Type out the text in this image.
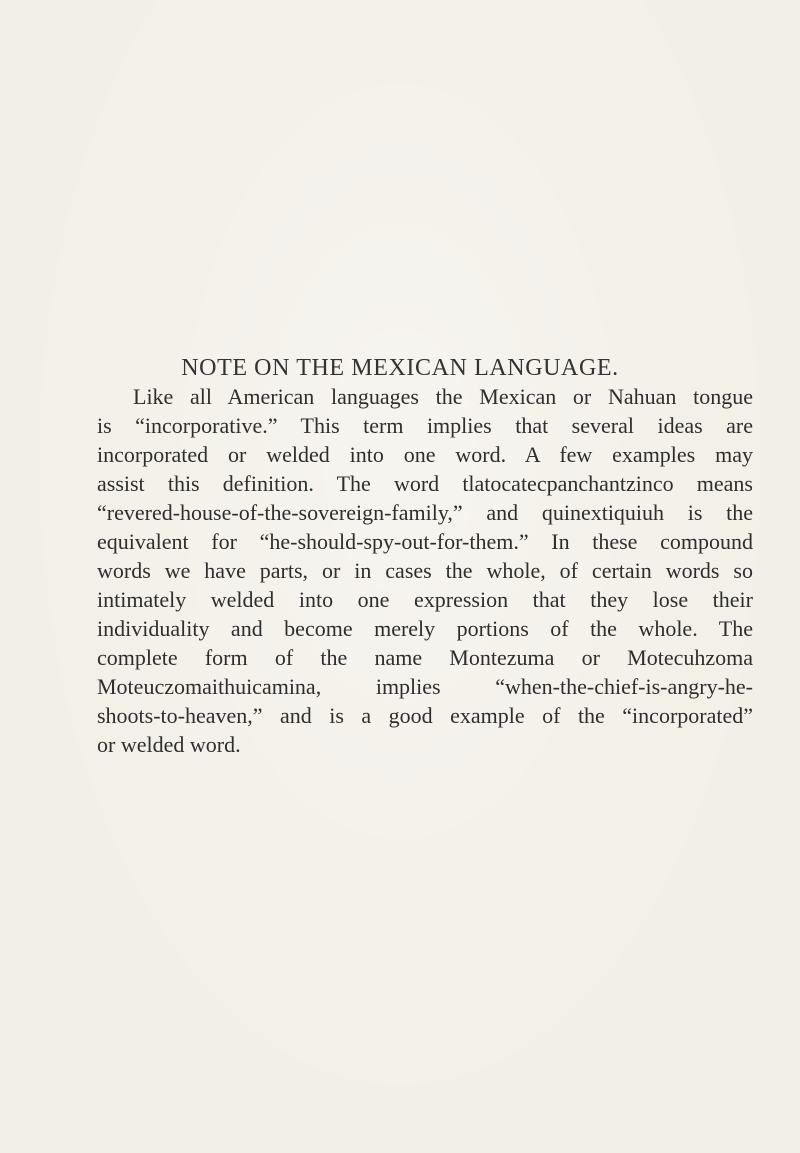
NOTE ON THE MEXICAN LANGUAGE.
Like all American languages the Mexican or Nahuan tongue
is “incorporative.” This term implies that several ideas are
incorporated or welded into one word. A few examples may
assist this definition. The word tlatocatecpanchantzinco means
“revered-house-of-the-sovereign-family,” and quinextiquiuh is the
equivalent for “he-should-spy-out-for-them.” In these compound
words we have parts, or in cases the whole, of certain words so
intimately welded into one expression that they lose their
individuality and become merely portions of the whole. The
complete form of the name Montezuma or Motecuhzoma
Moteuczomaithuicamina, implies “when-the-chief-is-angry-he-
shoots-to-heaven,” and is a good example of the “incorporated”
or welded word.
